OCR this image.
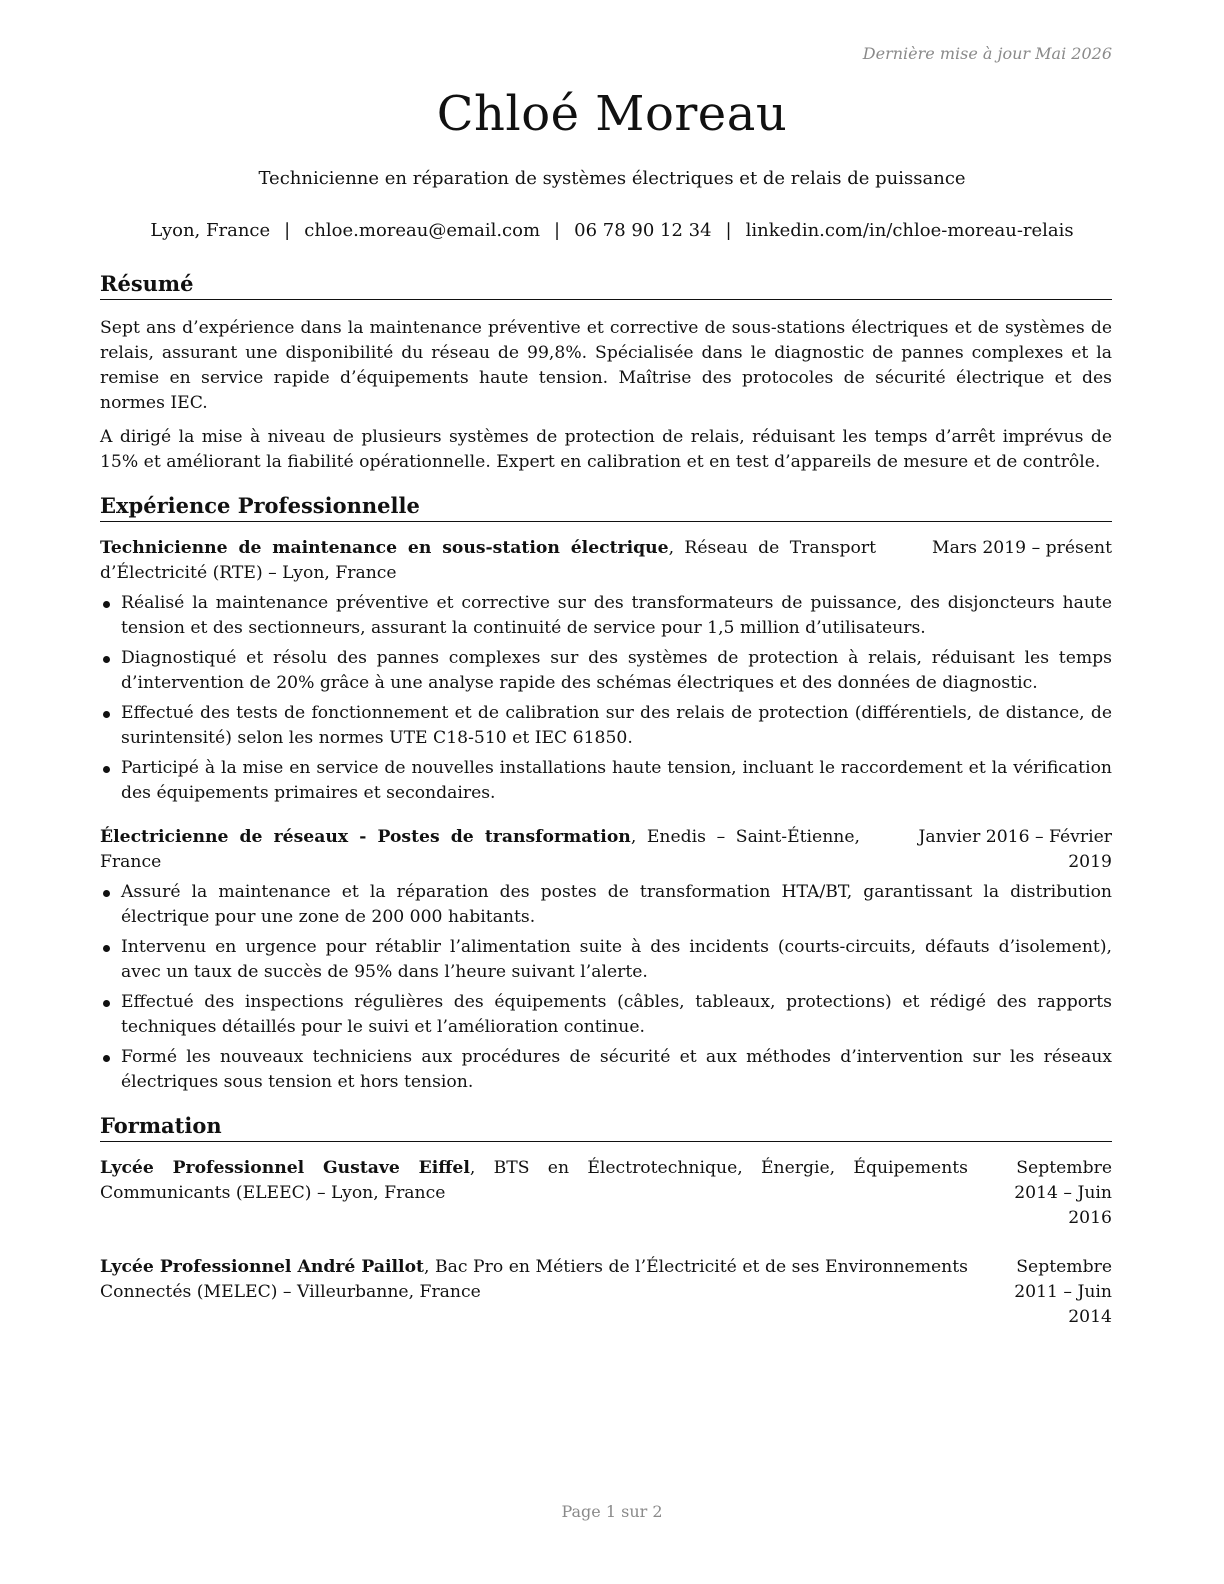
Dernière mise à jour Mai 2026
Chloé Moreau
Technicienne en réparation de systèmes électriques et de relais de puissance
Lyon, France | chloe.moreau@email.com | 06 78 90 12 34 | linkedin.com/in/chloe-moreau-relais
Résumé

Sept ans d’expérience dans la maintenance préventive et corrective de sous-stations électriques et de systèmes de relais, assurant une disponibilité du réseau de 99,8%. Spécialisée dans le diagnostic de pannes complexes et la remise en service rapide d’équipements haute tension. Maîtrise des protocoles de sécurité électrique et des normes IEC.

A dirigé la mise à niveau de plusieurs systèmes de protection de relais, réduisant les temps d’arrêt imprévus de 15% et améliorant la fiabilité opérationnelle. Expert en calibration et en test d’appareils de mesure et de contrôle.

Expérience Professionnelle
Technicienne de maintenance en sous-station électrique, Réseau de Transport d’Électricité (RTE) – Lyon, France
Mars 2019 – présent
Réalisé la maintenance préventive et corrective sur des transformateurs de puissance, des disjoncteurs haute tension et des sectionneurs, assurant la continuité de service pour 1,5 million d’utilisateurs.
Diagnostiqué et résolu des pannes complexes sur des systèmes de protection à relais, réduisant les temps d’intervention de 20% grâce à une analyse rapide des schémas électriques et des données de diagnostic.
Effectué des tests de fonctionnement et de calibration sur des relais de protection (différentiels, de distance, de surintensité) selon les normes UTE C18-510 et IEC 61850.
Participé à la mise en service de nouvelles installations haute tension, incluant le raccordement et la vérification des équipements primaires et secondaires.
Électricienne de réseaux - Postes de transformation, Enedis – Saint-Étienne, France
Janvier 2016 – Février 2019
Assuré la maintenance et la réparation des postes de transformation HTA/BT, garantissant la distribution électrique pour une zone de 200 000 habitants.
Intervenu en urgence pour rétablir l’alimentation suite à des incidents (courts-circuits, défauts d’isolement), avec un taux de succès de 95% dans l’heure suivant l’alerte.
Effectué des inspections régulières des équipements (câbles, tableaux, protections) et rédigé des rapports techniques détaillés pour le suivi et l’amélioration continue.
Formé les nouveaux techniciens aux procédures de sécurité et aux méthodes d’intervention sur les réseaux électriques sous tension et hors tension.
Formation
Lycée Professionnel Gustave Eiffel, BTS en Électrotechnique, Énergie, Équipements Communicants (ELEEC) – Lyon, France
Septembre 2014 – Juin 2016
Lycée Professionnel André Paillot, Bac Pro en Métiers de l’Électricité et de ses Environnements Connectés (MELEC) – Villeurbanne, France
Septembre 2011 – Juin 2014
Page 1 sur 2
